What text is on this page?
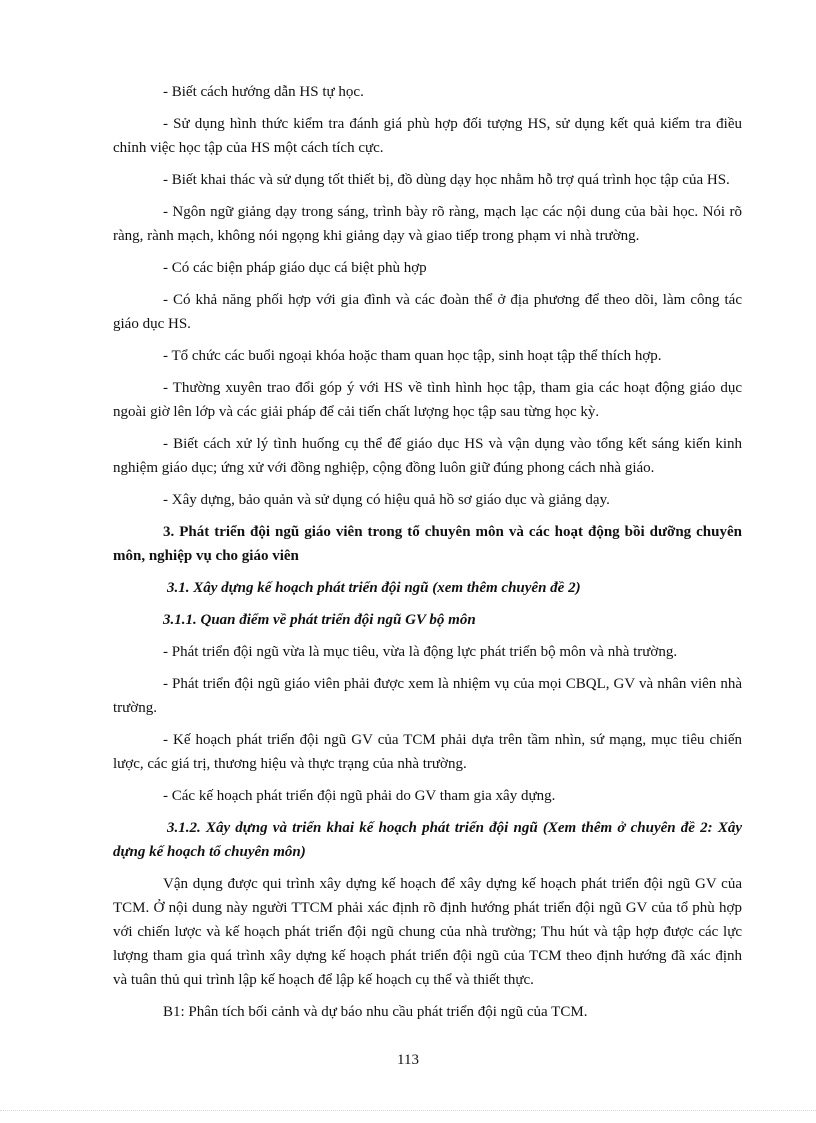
- Biết cách hướng dẫn HS tự học.

- Sử dụng hình thức kiểm tra đánh giá phù hợp đối tượng HS, sử dụng kết quả kiểm tra điều chỉnh việc học tập của HS một cách tích cực.

- Biết khai thác và sử dụng tốt thiết bị, đồ dùng dạy học nhằm hỗ trợ quá trình học tập của HS.

- Ngôn ngữ giảng dạy trong sáng, trình bày rõ ràng, mạch lạc các nội dung của bài học. Nói rõ ràng, rành mạch, không nói ngọng khi giảng dạy và giao tiếp trong phạm vi nhà trường.

- Có các biện pháp giáo dục cá biệt phù hợp

- Có khả năng phối hợp với gia đình và các đoàn thể ở địa phương để theo dõi, làm công tác giáo dục HS.

- Tổ chức các buổi ngoại khóa hoặc tham quan học tập, sinh hoạt tập thể thích hợp.

- Thường xuyên trao đổi góp ý với HS về tình hình học tập, tham gia các hoạt động giáo dục ngoài giờ lên lớp và các giải pháp để cải tiến chất lượng học tập sau từng học kỳ.

- Biết cách xử lý tình huống cụ thể để giáo dục HS và vận dụng vào tổng kết sáng kiến kinh nghiệm giáo dục; ứng xử với đồng nghiệp, cộng đồng luôn giữ đúng phong cách nhà giáo.

- Xây dựng, bảo quản và sử dụng có hiệu quả hồ sơ giáo dục và giảng dạy.

3. Phát triển đội ngũ giáo viên trong tổ chuyên môn và các hoạt động bồi dưỡng chuyên môn, nghiệp vụ cho giáo viên

3.1. Xây dựng kế hoạch phát triển đội ngũ (xem thêm chuyên đề 2)

3.1.1. Quan điểm về phát triển đội ngũ GV bộ môn

- Phát triển đội ngũ vừa là mục tiêu, vừa là động lực phát triển bộ môn và nhà trường.

- Phát triển đội ngũ giáo viên phải được xem là nhiệm vụ của mọi CBQL, GV và nhân viên nhà trường.

- Kế hoạch phát triển đội ngũ GV của TCM phải dựa trên tầm nhìn, sứ mạng, mục tiêu chiến lược, các giá trị, thương hiệu và thực trạng của nhà trường.

- Các kế hoạch phát triển đội ngũ phải do GV tham gia xây dựng.

3.1.2. Xây dựng và triển khai kế hoạch phát triển đội ngũ (Xem thêm ở chuyên đề 2: Xây dựng kế hoạch tổ chuyên môn)

Vận dụng được qui trình xây dựng kế hoạch để xây dựng kế hoạch phát triển đội ngũ GV của TCM. Ở nội dung này người TTCM phải xác định rõ định hướng phát triển đội ngũ GV của tổ phù hợp với chiến lược và kế hoạch phát triển đội ngũ chung của nhà trường; Thu hút và tập hợp được các lực lượng tham gia quá trình xây dựng kế hoạch phát triển đội ngũ của TCM theo định hướng đã xác định và tuân thủ qui trình lập kế hoạch để lập kế hoạch cụ thể và thiết thực.

B1: Phân tích bối cảnh và dự báo nhu cầu phát triển đội ngũ của TCM.

113
